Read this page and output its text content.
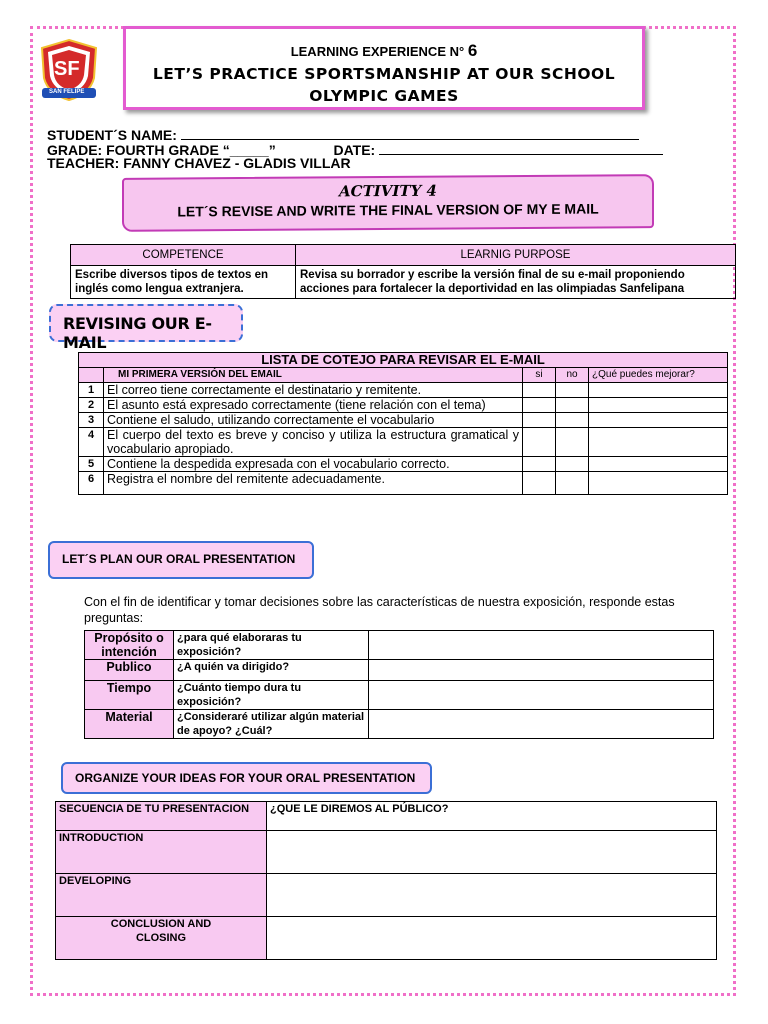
SF
SAN FELIPE
LEARNING EXPERIENCE N° 6
LET’S PRACTICE SPORTSMANSHIP AT OUR SCHOOL
OLYMPIC GAMES
STUDENT´S NAME:
GRADE: FOURTH GRADE “_____”	DATE:
TEACHER: FANNY CHAVEZ - GLADIS VILLAR
ACTIVITY 4
LET´S REVISE AND WRITE THE FINAL VERSION OF MY E MAIL
COMPETENCE	LEARNIG PURPOSE
Escribe diversos tipos de textos en inglés como lengua extranjera.	Revisa su borrador y escribe la versión final de su e-mail proponiendo acciones para fortalecer la deportividad en las olimpiadas Sanfelipana
REVISING OUR E-MAIL
LISTA DE COTEJO PARA REVISAR EL E-MAIL				
	MI PRIMERA VERSIÓN DEL EMAIL	si	no	¿Qué puedes mejorar?
1	El correo tiene correctamente el destinatario y remitente.			
2	El asunto está expresado correctamente (tiene relación con el tema)			
3	Contiene el saludo, utilizando correctamente el vocabulario			
4	El cuerpo del texto es breve y conciso y utiliza la estructura gramatical y vocabulario apropiado.			
5	Contiene la despedida expresada con el vocabulario correcto.			
6	Registra el nombre del remitente adecuadamente.			
LET´S PLAN OUR ORAL PRESENTATION
Con el fin de identificar y tomar decisiones sobre las características de nuestra exposición, responde estas preguntas:
Propósito o intención	¿para qué elaboraras tu exposición?	
Publico	¿A quién va dirigido?	
Tiempo	¿Cuánto tiempo dura tu exposición?	
Material	¿Consideraré utilizar algún material de apoyo? ¿Cuál?	
ORGANIZE YOUR IDEAS FOR YOUR ORAL PRESENTATION
SECUENCIA DE TU PRESENTACION	¿QUE LE DIREMOS AL PÚBLICO?
INTRODUCTION	
DEVELOPING	
CONCLUSION AND CLOSING	
